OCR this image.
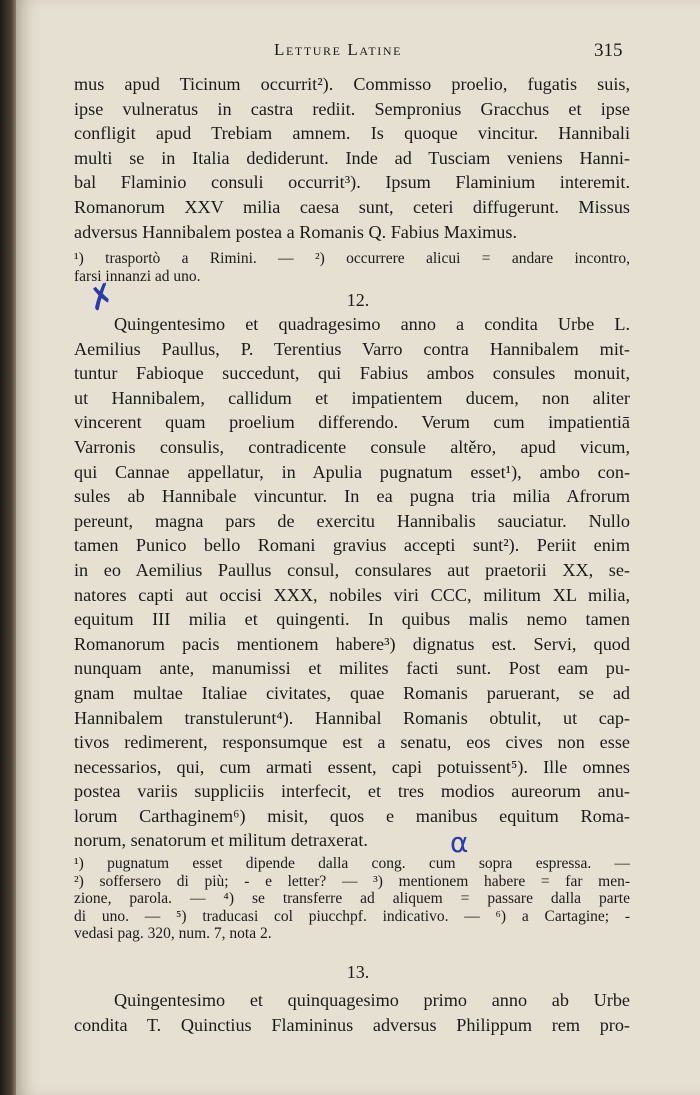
Letture Latine	315
mus apud Ticinum occurrit²). Commisso proelio, fugatis suis,
ipse vulneratus in castra rediit. Sempronius Gracchus et ipse
confligit apud Trebiam amnem. Is quoque vincitur. Hannibali
multi se in Italia dediderunt. Inde ad Tusciam veniens Hanni-
bal Flaminio consuli occurrit³). Ipsum Flaminium interemit.
Romanorum XXV milia caesa sunt, ceteri diffugerunt. Missus
adversus Hannibalem postea a Romanis Q. Fabius Maximus.
¹) trasportò a Rimini. — ²) occurrere alicui = andare incontro,
farsi innanzi ad uno.
✗	12.
Quingentesimo et quadragesimo anno a condita Urbe L.
Aemilius Paullus, P. Terentius Varro contra Hannibalem mit-
tuntur Fabioque succedunt, qui Fabius ambos consules monuit,
ut Hannibalem, callidum et impatientem ducem, non aliter
vincerent quam proelium differendo. Verum cum impatientiā
Varronis consulis, contradicente consule altěro, apud vicum,
qui Cannae appellatur, in Apulia pugnatum esset¹), ambo con-
sules ab Hannibale vincuntur. In ea pugna tria milia Afrorum
pereunt, magna pars de exercitu Hannibalis sauciatur. Nullo
tamen Punico bello Romani gravius accepti sunt²). Periit enim
in eo Aemilius Paullus consul, consulares aut praetorii XX, se-
natores capti aut occisi XXX, nobiles viri CCC, militum XL milia,
equitum III milia et quingenti. In quibus malis nemo tamen
Romanorum pacis mentionem habere³) dignatus est. Servi, quod
nunquam ante, manumissi et milites facti sunt. Post eam pu-
gnam multae Italiae civitates, quae Romanis paruerant, se ad
Hannibalem transtulerunt⁴). Hannibal Romanis obtulit, ut cap-
tivos redimerent, responsumque est a senatu, eos cives non esse
necessarios, qui, cum armati essent, capi potuissent⁵). Ille omnes
postea variis suppliciis interfecit, et tres modios aureorum anu-
lorum Carthaginem⁶) misit, quos e manibus equitum Roma-
norum, senatorum et militum detraxerat.	α
¹) pugnatum esset dipende dalla cong. cum sopra espressa. —
²) soffersero di più; - e letter? — ³) mentionem habere = far men-
zione, parola. — ⁴) se transferre ad aliquem = passare dalla parte
di uno. — ⁵) traducasi col piucchpf. indicativo. — ⁶) a Cartagine; -
vedasi pag. 320, num. 7, nota 2.
13.
Quingentesimo et quinquagesimo primo anno ab Urbe
condita T. Quinctius Flamininus adversus Philippum rem pro-
